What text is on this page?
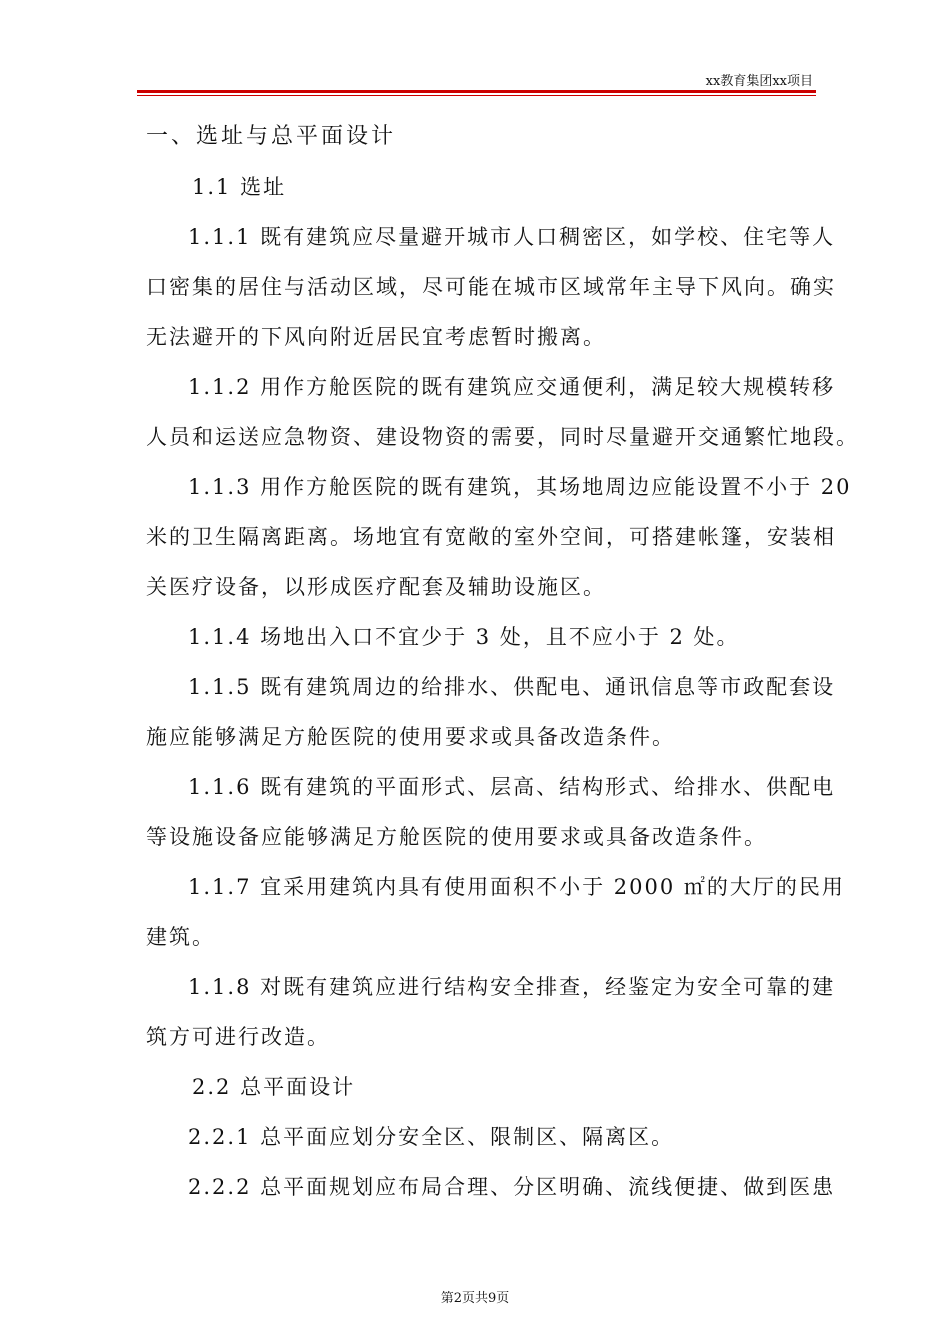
xx教育集团xx项目
一、选址与总平面设计
1.1 选址
1.1.1 既有建筑应尽量避开城市人口稠密区，如学校、住宅等人
口密集的居住与活动区域，尽可能在城市区域常年主导下风向。确实
无法避开的下风向附近居民宜考虑暂时搬离。
1.1.2 用作方舱医院的既有建筑应交通便利，满足较大规模转移
人员和运送应急物资、建设物资的需要，同时尽量避开交通繁忙地段。
1.1.3 用作方舱医院的既有建筑，其场地周边应能设置不小于 20
米的卫生隔离距离。场地宜有宽敞的室外空间，可搭建帐篷，安装相
关医疗设备，以形成医疗配套及辅助设施区。
1.1.4 场地出入口不宜少于 3 处，且不应小于 2 处。
1.1.5 既有建筑周边的给排水、供配电、通讯信息等市政配套设
施应能够满足方舱医院的使用要求或具备改造条件。
1.1.6 既有建筑的平面形式、层高、结构形式、给排水、供配电
等设施设备应能够满足方舱医院的使用要求或具备改造条件。
1.1.7 宜采用建筑内具有使用面积不小于 2000 ㎡的大厅的民用
建筑。
1.1.8 对既有建筑应进行结构安全排查，经鉴定为安全可靠的建
筑方可进行改造。
2.2 总平面设计
2.2.1 总平面应划分安全区、限制区、隔离区。
2.2.2 总平面规划应布局合理、分区明确、流线便捷、做到医患
第2页共9页
